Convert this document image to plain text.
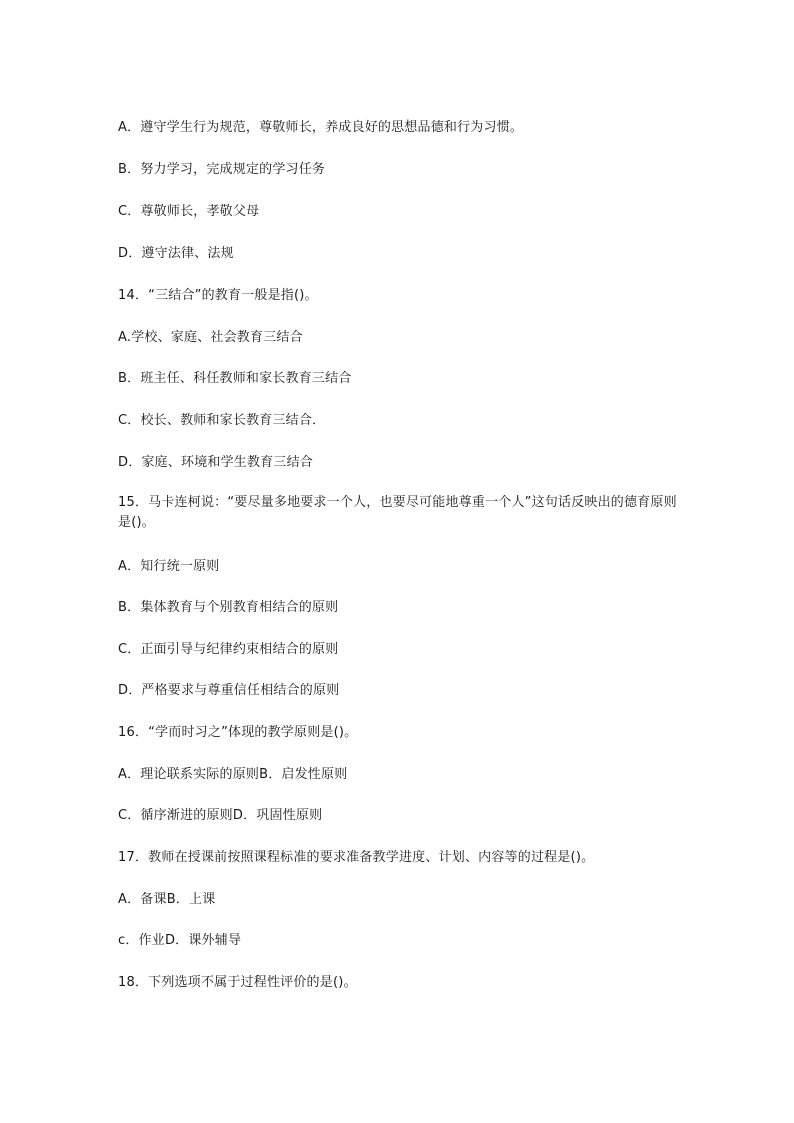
A．遵守学生行为规范，尊敬师长，养成良好的思想品德和行为习惯。
B．努力学习，完成规定的学习任务
C．尊敬师长，孝敬父母
D．遵守法律、法规
14．“三结合”的教育一般是指()。
A.学校、家庭、社会教育三结合
B．班主任、科任教师和家长教育三结合
C．校长、教师和家长教育三结合．
D．家庭、环境和学生教育三结合
15．马卡连柯说：“要尽量多地要求一个人，也要尽可能地尊重一个人”这句话反映出的德育原则是()。
A．知行统一原则
B．集体教育与个别教育相结合的原则
C．正面引导与纪律约束相结合的原则
D．严格要求与尊重信任相结合的原则
16．“学而时习之”体现的教学原则是()。
A．理论联系实际的原则B．启发性原则
C．循序渐进的原则D．巩固性原则
17．教师在授课前按照课程标准的要求准备教学进度、计划、内容等的过程是()。
A．备课B．上课
c．作业D．课外辅导
18．下列选项不属于过程性评价的是()。
